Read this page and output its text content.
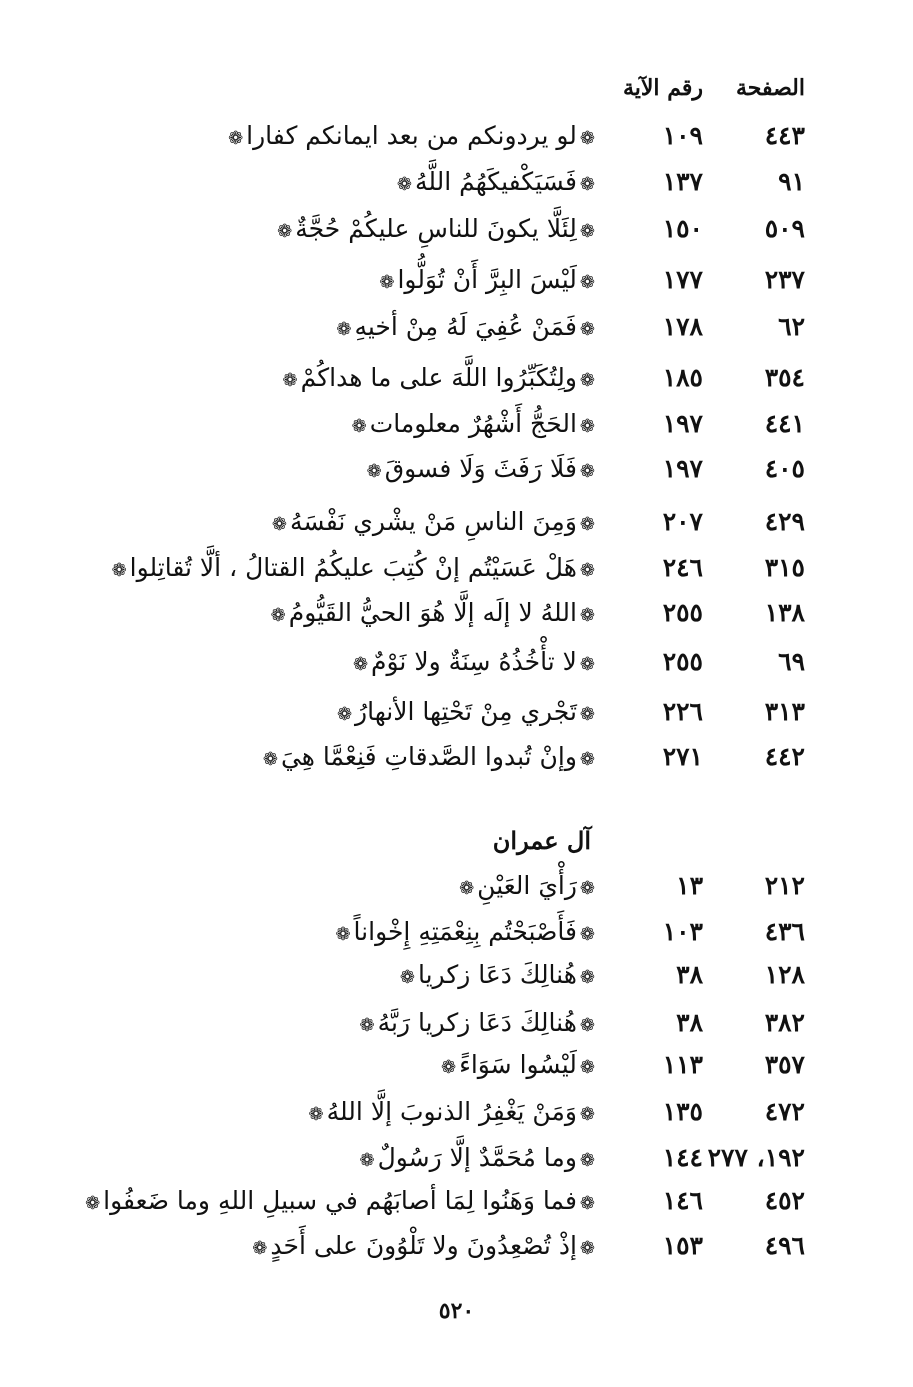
الصفحة
رقم الآية
٤٤٣
١٠٩
❁لو يردونكم من بعد ايمانكم كفارا❁
٩١
١٣٧
❁فَسَيَكْفيكَهُمُ اللَّهُ❁
٥٠٩
١٥٠
❁لِئَلَّا يكونَ للناسِ عليكُمْ حُجَّةٌ❁
٢٣٧
١٧٧
❁لَيْسَ البِرَّ أَنْ تُوَلُّوا❁
٦٢
١٧٨
❁فَمَنْ عُفِيَ لَهُ مِنْ أخيهِ❁
٣٥٤
١٨٥
❁ولِتُكَبِّرُوا اللَّهَ على ما هداكُمْ❁
٤٤١
١٩٧
❁الحَجُّ أَشْهُرٌ معلومات❁
٤٠٥
١٩٧
❁فَلَا رَفَثَ وَلَا فسوقَ❁
٤٢٩
٢٠٧
❁وَمِنَ الناسِ مَنْ يشْري نَفْسَهُ❁
٣١٥
٢٤٦
❁هَلْ عَسَيْتُم إنْ كُتِبَ عليكُمُ القتالُ ، ألَّا تُقاتِلوا❁
١٣٨
٢٥٥
❁اللهُ لا إلَه إلَّا هُوَ الحيُّ القَيُّومُ❁
٦٩
٢٥٥
❁لا تأْخُذُهُ سِنَةٌ ولا نَوْمٌ❁
٣١٣
٢٢٦
❁تَجْري مِنْ تَحْتِها الأنهارُ❁
٤٤٢
٢٧١
❁وإنْ تُبدوا الصَّدقاتِ فَنِعْمَّا هِيَ❁
آل عمران
٢١٢
١٣
❁رَأْيَ العَيْنِ❁
٤٣٦
١٠٣
❁فَأَصْبَحْتُم بِنِعْمَتِهِ إِخْواناً❁
١٢٨
٣٨
❁هُنالِكَ دَعَا زكريا❁
٣٨٢
٣٨
❁هُنالِكَ دَعَا زكريا رَبَّهُ❁
٣٥٧
١١٣
❁لَيْسُوا سَوَاءً❁
٤٧٢
١٣٥
❁وَمَنْ يَغْفِرُ الذنوبَ إلَّا اللهُ❁
١٩٢، ٢٧٧
١٤٤
❁وما مُحَمَّدٌ إلَّا رَسُولٌ❁
٤٥٢
١٤٦
❁فما وَهَنُوا لِمَا أصابَهُم في سبيلِ اللهِ وما ضَعفُوا❁
٤٩٦
١٥٣
❁إذْ تُصْعِدُونَ ولا تَلْوُونَ على أَحَدٍ❁
٥٢٠
